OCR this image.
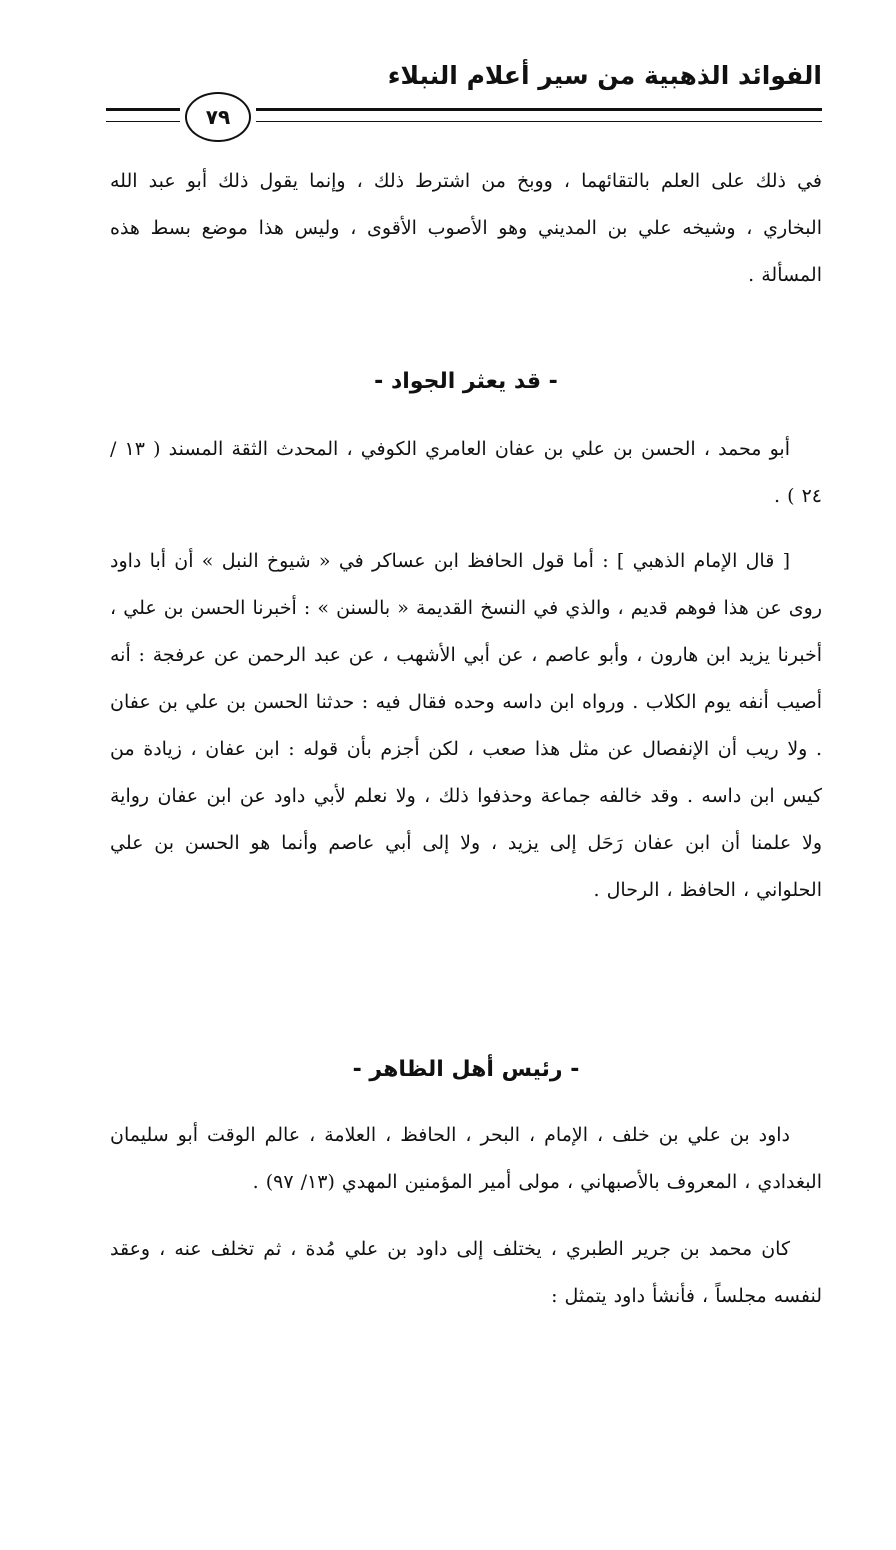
الفوائد الذهبية من سير أعلام النبلاء
٧٩
في ذلك على العلم بالتقائهما ، ووبخ من اشترط ذلك ، وإنما يقول ذلك أبو عبد الله البخاري ، وشيخه علي بن المديني وهو الأصوب الأقوى ، وليس هذا موضع بسط هذه المسألة .
- قد يعثر الجواد -
أبو محمد ، الحسن بن علي بن عفان العامري الكوفي ، المحدث الثقة المسند ( ١٣ / ٢٤ ) .
[ قال الإمام الذهبي ] : أما قول الحافظ ابن عساكر في « شيوخ النبل » أن أبا داود روى عن هذا فوهم قديم ، والذي في النسخ القديمة « بالسنن » : أخبرنا الحسن بن علي ، أخبرنا يزيد ابن هارون ، وأبو عاصم ، عن أبي الأشهب ، عن عبد الرحمن عن عرفجة : أنه أصيب أنفه يوم الكلاب . ورواه ابن داسه وحده فقال فيه : حدثنا الحسن بن علي بن عفان . ولا ريب أن الإنفصال عن مثل هذا صعب ، لكن أجزم بأن قوله : ابن عفان ، زيادة من كيس ابن داسه . وقد خالفه جماعة وحذفوا ذلك ، ولا نعلم لأبي داود عن ابن عفان رواية ولا علمنا أن ابن عفان رَحَل إلى يزيد ، ولا إلى أبي عاصم وأنما هو الحسن بن علي الحلواني ، الحافظ ، الرحال .
- رئيس أهل الظاهر -
داود بن علي بن خلف ، الإمام ، البحر ، الحافظ ، العلامة ، عالم الوقت أبو سليمان البغدادي ، المعروف بالأصبهاني ، مولى أمير المؤمنين المهدي (١٣/ ٩٧) .
كان محمد بن جرير الطبري ، يختلف إلى داود بن علي مُدة ، ثم تخلف عنه ، وعقد لنفسه مجلساً ، فأنشأ داود يتمثل :
